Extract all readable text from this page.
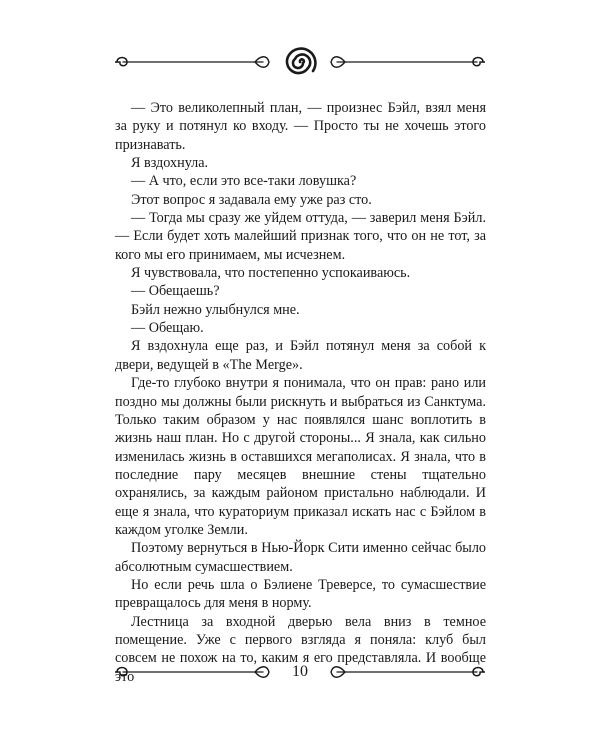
— Это великолепный план, — произнес Бэйл, взял меня за руку и потянул ко входу. — Просто ты не хочешь этого признавать.

Я вздохнула.

— А что, если это все-таки ловушка?

Этот вопрос я задавала ему уже раз сто.

— Тогда мы сразу же уйдем оттуда, — заверил меня Бэйл. — Если будет хоть малейший признак того, что он не тот, за кого мы его принимаем, мы исчезнем.

Я чувствовала, что постепенно успокаиваюсь.

— Обещаешь?

Бэйл нежно улыбнулся мне.

— Обещаю.

Я вздохнула еще раз, и Бэйл потянул меня за собой к двери, ведущей в «The Merge».

Где-то глубоко внутри я понимала, что он прав: рано или поздно мы должны были рискнуть и выбраться из Санктума. Только таким образом у нас появлялся шанс воплотить в жизнь наш план. Но с другой стороны... Я знала, как сильно изменилась жизнь в оставшихся мегаполисах. Я знала, что в последние пару месяцев внешние стены тщательно охранялись, за каждым районом пристально наблюдали. И еще я знала, что кураториум приказал искать нас с Бэйлом в каждом уголке Земли.

Поэтому вернуться в Нью-Йорк Сити именно сейчас было абсолютным сумасшествием.

Но если речь шла о Бэлиене Треверсе, то сумасшествие превращалось для меня в норму.

Лестница за входной дверью вела вниз в темное помещение. Уже с первого взгляда я поняла: клуб был совсем не похож на то, каким я его представляла. И вообще это	10
